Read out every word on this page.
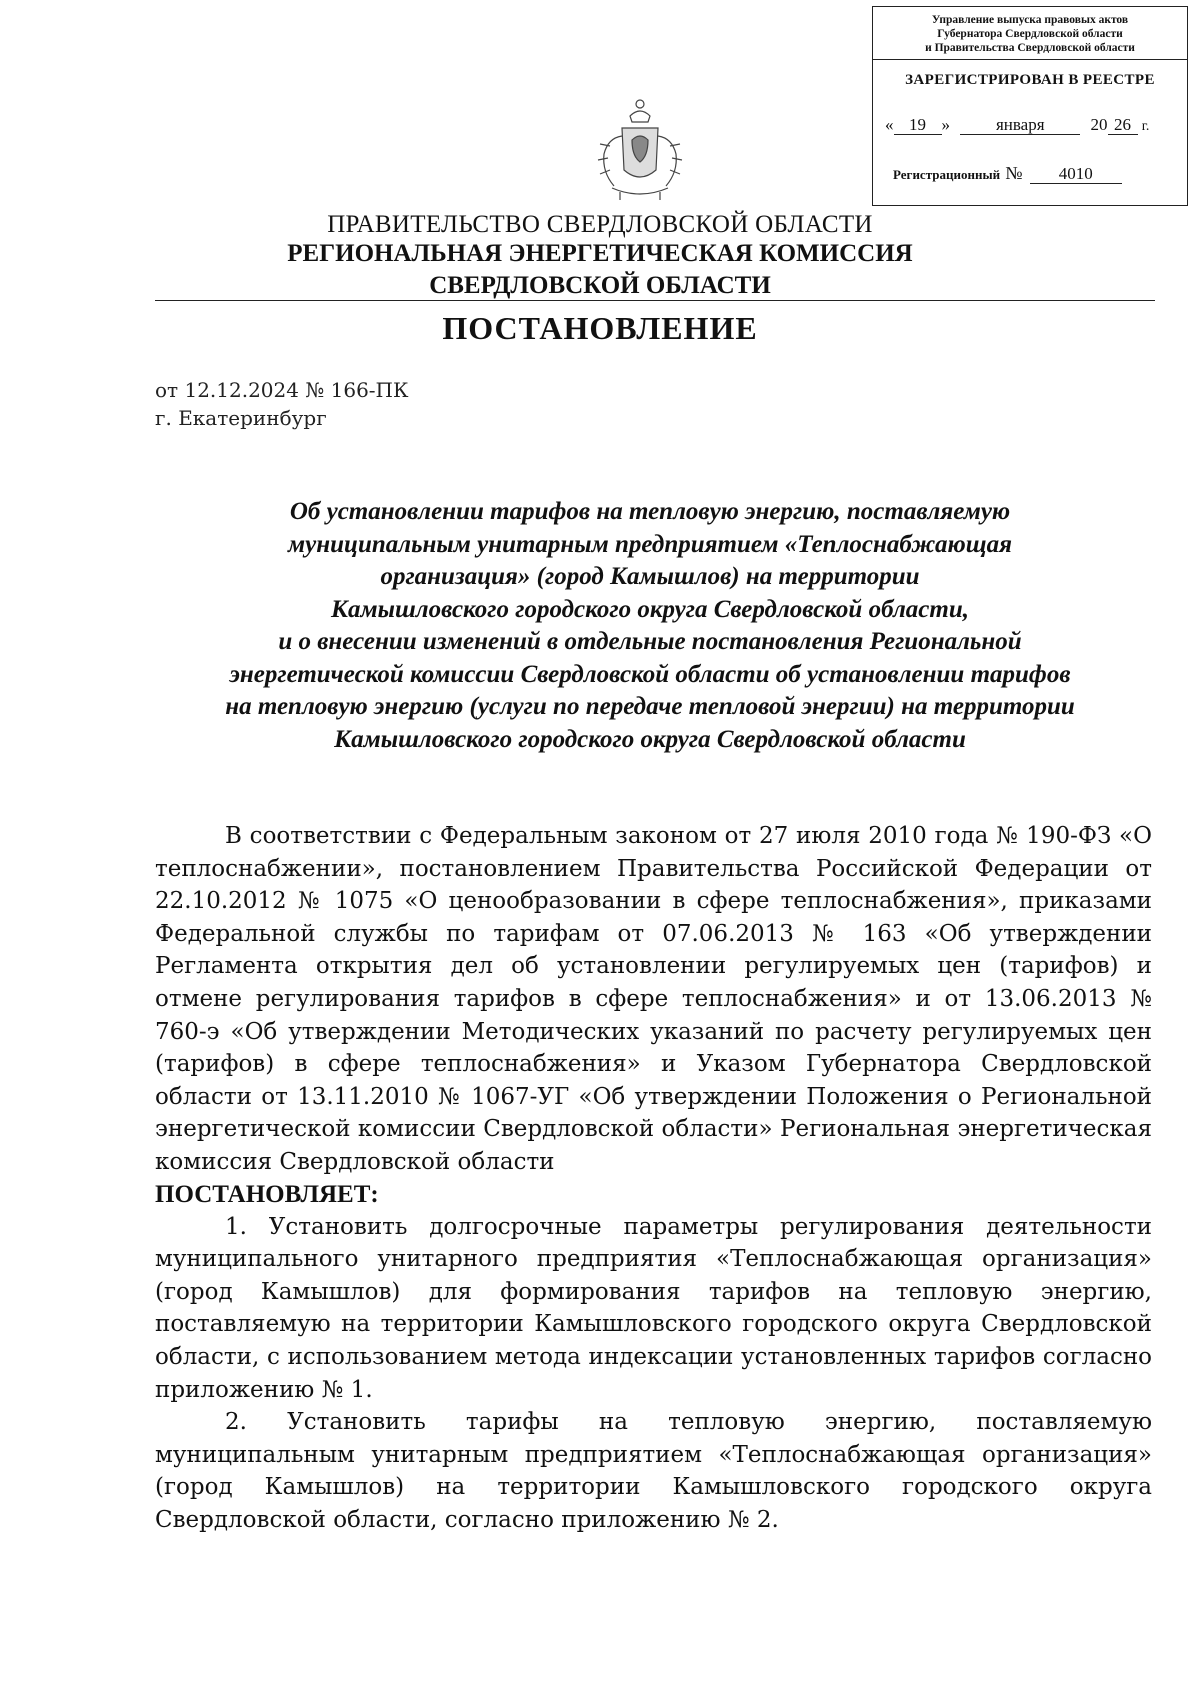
Управление выпуска правовых актов
Губернатора Свердловской области
и Правительства Свердловской области
ЗАРЕГИСТРИРОВАН В РЕЕСТРЕ
« 19 » января	20 26 г.
Регистрационный № 4010
ПРАВИТЕЛЬСТВО СВЕРДЛОВСКОЙ ОБЛАСТИ
РЕГИОНАЛЬНАЯ ЭНЕРГЕТИЧЕСКАЯ КОМИССИЯ
СВЕРДЛОВСКОЙ ОБЛАСТИ
ПОСТАНОВЛЕНИЕ
от 12.12.2024 № 166-ПК
г. Екатеринбург
Об установлении тарифов на тепловую энергию, поставляемую
муниципальным унитарным предприятием «Теплоснабжающая
организация» (город Камышлов) на территории
Камышловского городского округа Свердловской области,
и о внесении изменений в отдельные постановления Региональной
энергетической комиссии Свердловской области об установлении тарифов
на тепловую энергию (услуги по передаче тепловой энергии) на территории
Камышловского городского округа Свердловской области

В соответствии с Федеральным законом от 27 июля 2010 года № 190-ФЗ «О теплоснабжении», постановлением Правительства Российской Федерации от 22.10.2012 № 1075 «О ценообразовании в сфере теплоснабжения», приказами Федеральной службы по тарифам от 07.06.2013 № 163 «Об утверждении Регламента открытия дел об установлении регулируемых цен (тарифов) и отмене регулирования тарифов в сфере теплоснабжения» и от 13.06.2013 № 760-э «Об утверждении Методических указаний по расчету регулируемых цен (тарифов) в сфере теплоснабжения» и Указом Губернатора Свердловской области от 13.11.2010 № 1067-УГ «Об утверждении Положения о Региональной энергетической комиссии Свердловской области» Региональная энергетическая комиссия Свердловской области

ПОСТАНОВЛЯЕТ:

1. Установить долгосрочные параметры регулирования деятельности муниципального унитарного предприятия «Теплоснабжающая организация» (город Камышлов) для формирования тарифов на тепловую энергию, поставляемую на территории Камышловского городского округа Свердловской области, с использованием метода индексации установленных тарифов согласно приложению № 1.

2. Установить тарифы на тепловую энергию, поставляемую муниципальным унитарным предприятием «Теплоснабжающая организация» (город Камышлов) на территории Камышловского городского округа Свердловской области, согласно приложению № 2.
